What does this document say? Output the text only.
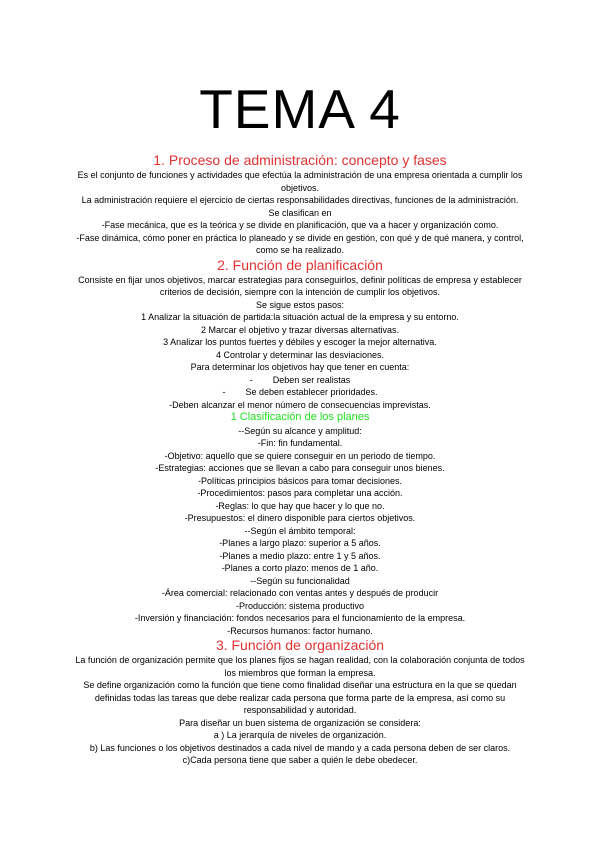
TEMA 4

1. Proceso de administración: concepto y fases

Es el conjunto de funciones y actividades que efectúa la administración de una empresa orientada a cumplir los

objetivos.

La administración requiere el ejercicio de ciertas responsabilidades directivas, funciones de la administración.

Se clasifican en

-Fase mecánica, que es la teórica y se divide en planificación, que va a hacer y organización como.

-Fase dinámica, cómo poner en práctica lo planeado y se divide en gestión, con qué y de qué manera, y control,

como se ha realizado.

2. Función de planificación

Consiste en fijar unos objetivos, marcar estrategias para conseguirlos, definir políticas de empresa y establecer

criterios de decisión, siempre con la intención de cumplir los objetivos.

Se sigue estos pasos:

1 Analizar la situación de partida:la situación actual de la empresa y su entorno.

2 Marcar el objetivo y trazar diversas alternativas.

3 Analizar los puntos fuertes y débiles y escoger la mejor alternativa.

4 Controlar y determinar las desviaciones.

Para determinar los objetivos hay que tener en cuenta:

-        Deben ser realistas

-        Se deben establecer prioridades.

-Deben alcanzar el menor número de consecuencias imprevistas.

1 Clasificación de los planes

--Según su alcance y amplitud:

-Fin: fin fundamental.

-Objetivo: aquello que se quiere conseguir en un periodo de tiempo.

-Estrategias: acciones que se llevan a cabo para conseguir unos bienes.

-Políticas principios básicos para tomar decisiones.

-Procedimientos: pasos para completar una acción.

-Reglas: lo que hay que hacer y lo que no.

-Presupuestos: el dinero disponible para ciertos objetivos.

--Según el ámbito temporal:

-Planes a largo plazo: superior a 5 años.

-Planes a medio plazo: entre 1 y 5 años.

-Planes a corto plazo: menos de 1 año.

--Según su funcionalidad

-Área comercial: relacionado con ventas antes y después de producir

-Producción: sistema productivo

-Inversión y financiación: fondos necesarios para el funcionamiento de la empresa.

-Recursos humanos: factor humano.

3. Función de organización

La función de organización permite que los planes fijos se hagan realidad, con la colaboración conjunta de todos

los miembros que forman la empresa.

Se define organización como la función que tiene como finalidad diseñar una estructura en la que se quedan

definidas todas las tareas que debe realizar cada persona que forma parte de la empresa, así como su

responsabilidad y autoridad.

Para diseñar un buen sistema de organización se considera:

a ) La jerarquía de niveles de organización.

b) Las funciones o los objetivos destinados a cada nivel de mando y a cada persona deben de ser claros.

c)Cada persona tiene que saber a quién le debe obedecer.
